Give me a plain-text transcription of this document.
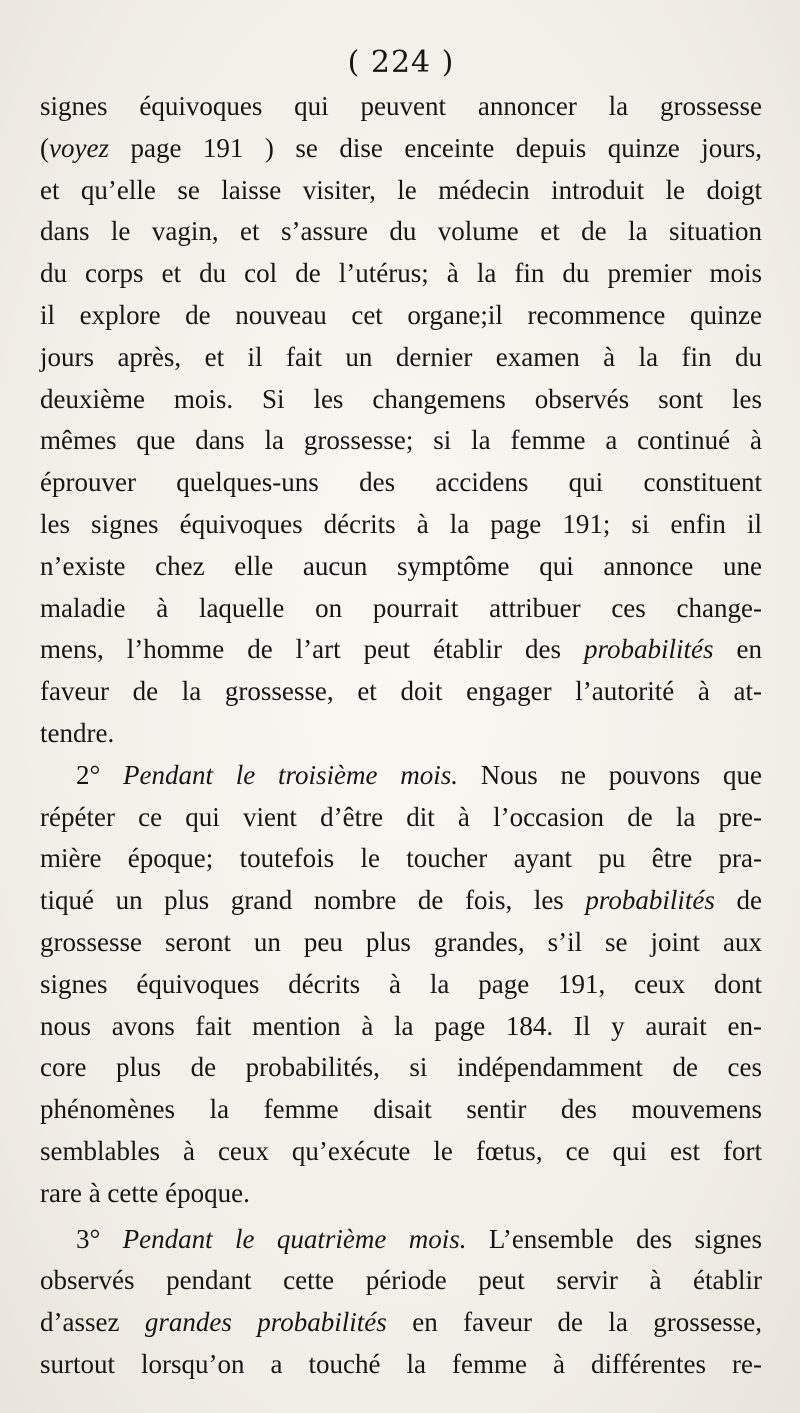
( 224 )
signes équivoques qui peuvent annoncer la grossesse
(voyez page 191 ) se dise enceinte depuis quinze jours,
et qu’elle se laisse visiter, le médecin introduit le doigt
dans le vagin, et s’assure du volume et de la situation
du corps et du col de l’utérus; à la fin du premier mois
il explore de nouveau cet organe;il recommence quinze
jours après, et il fait un dernier examen à la fin du
deuxième mois. Si les changemens observés sont les
mêmes que dans la grossesse; si la femme a continué à
éprouver quelques-uns des accidens qui constituent
les signes équivoques décrits à la page 191; si enfin il
n’existe chez elle aucun symptôme qui annonce une
maladie à laquelle on pourrait attribuer ces change-
mens, l’homme de l’art peut établir des probabilités en
faveur de la grossesse, et doit engager l’autorité à at-
tendre.
2° Pendant le troisième mois. Nous ne pouvons que
répéter ce qui vient d’être dit à l’occasion de la pre-
mière époque; toutefois le toucher ayant pu être pra-
tiqué un plus grand nombre de fois, les probabilités de
grossesse seront un peu plus grandes, s’il se joint aux
signes équivoques décrits à la page 191, ceux dont
nous avons fait mention à la page 184. Il y aurait en-
core plus de probabilités, si indépendamment de ces
phénomènes la femme disait sentir des mouvemens
semblables à ceux qu’exécute le fœtus, ce qui est fort
rare à cette époque.
3° Pendant le quatrième mois. L’ensemble des signes
observés pendant cette période peut servir à établir
d’assez grandes probabilités en faveur de la grossesse,
surtout lorsqu’on a touché la femme à différentes re-
